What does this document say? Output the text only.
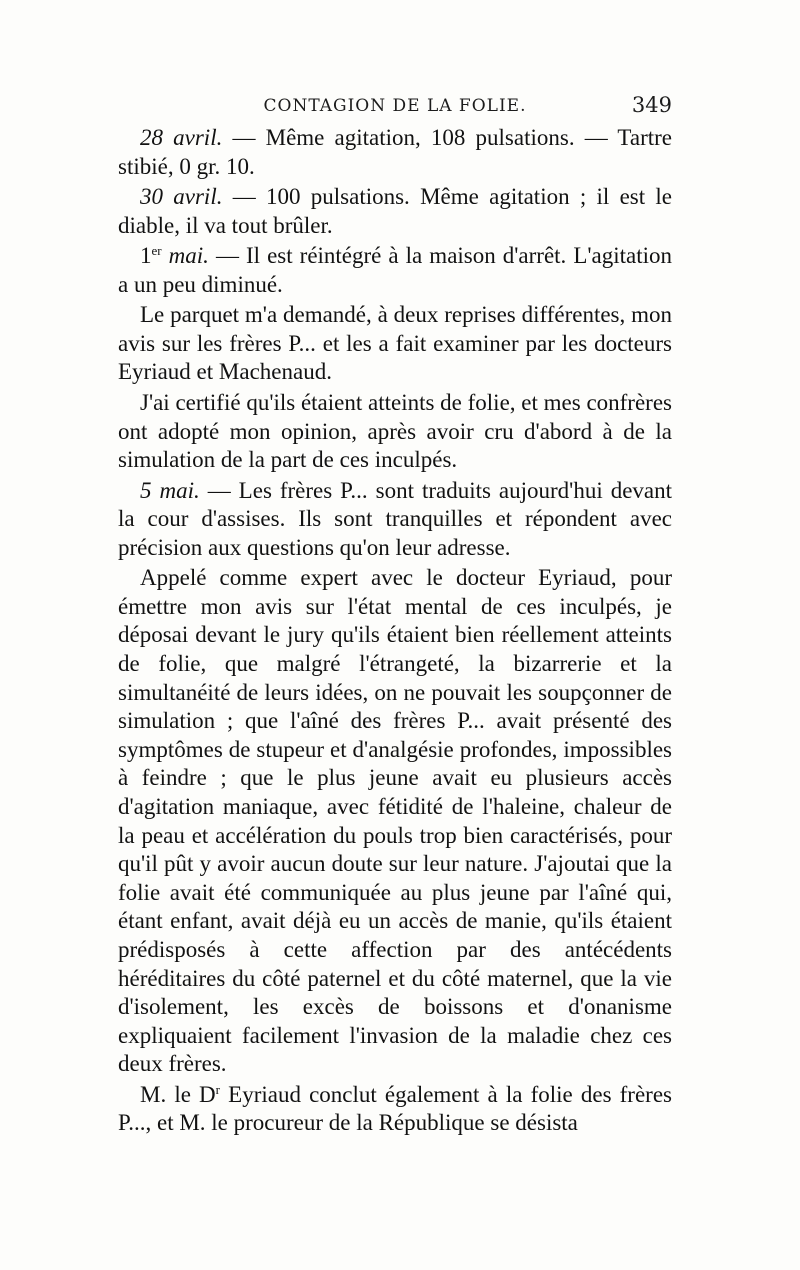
CONTAGION DE LA FOLIE.	349

28 avril. — Même agitation, 108 pulsations. — Tartre stibié, 0 gr. 10.

30 avril. — 100 pulsations. Même agitation ; il est le diable, il va tout brûler.

1er mai. — Il est réintégré à la maison d'arrêt. L'agitation a un peu diminué.

Le parquet m'a demandé, à deux reprises différentes, mon avis sur les frères P... et les a fait examiner par les docteurs Eyriaud et Machenaud.

J'ai certifié qu'ils étaient atteints de folie, et mes confrères ont adopté mon opinion, après avoir cru d'abord à de la simulation de la part de ces inculpés.

5 mai. — Les frères P... sont traduits aujourd'hui devant la cour d'assises. Ils sont tranquilles et répondent avec précision aux questions qu'on leur adresse.

Appelé comme expert avec le docteur Eyriaud, pour émettre mon avis sur l'état mental de ces inculpés, je déposai devant le jury qu'ils étaient bien réellement atteints de folie, que malgré l'étrangeté, la bizarrerie et la simultanéité de leurs idées, on ne pouvait les soupçonner de simulation ; que l'aîné des frères P... avait présenté des symptômes de stupeur et d'analgésie profondes, impossibles à feindre ; que le plus jeune avait eu plusieurs accès d'agitation maniaque, avec fétidité de l'haleine, chaleur de la peau et accélération du pouls trop bien caractérisés, pour qu'il pût y avoir aucun doute sur leur nature. J'ajoutai que la folie avait été communiquée au plus jeune par l'aîné qui, étant enfant, avait déjà eu un accès de manie, qu'ils étaient prédisposés à cette affection par des antécédents héréditaires du côté paternel et du côté maternel, que la vie d'isolement, les excès de boissons et d'onanisme expliquaient facilement l'invasion de la maladie chez ces deux frères.

M. le $D^r$ Eyriaud conclut également à la folie des frères P..., et M. le procureur de la République se désista
